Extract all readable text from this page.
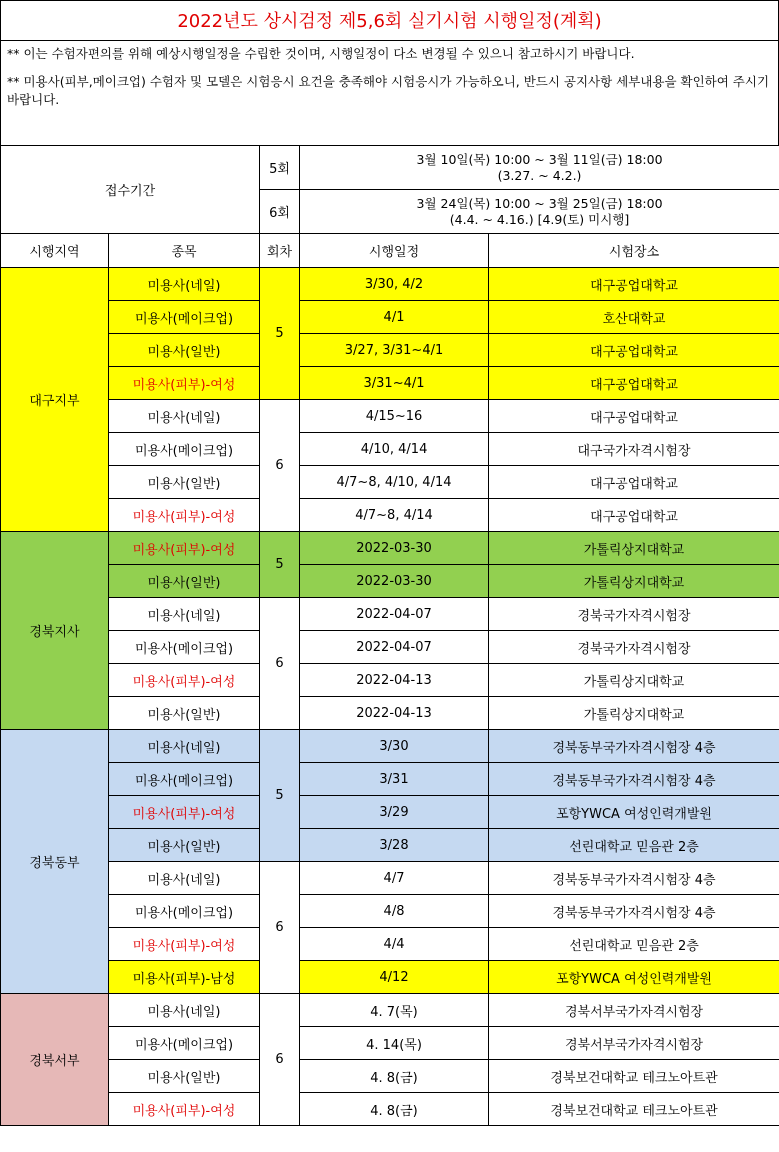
2022년도 상시검정 제5,6회 실기시험 시행일정(계획)

** 이는 수험자편의를 위해 예상시행일정을 수립한 것이며, 시행일정이 다소 변경될 수 있으니 참고하시기 바랍니다.

** 미용사(피부,메이크업) 수험자 및 모델은 시험응시 요건을 충족해야 시험응시가 가능하오니, 반드시 공지사항 세부내용을 확인하여 주시기 바랍니다.

접수기간		5회	3월 10일(목) 10:00 ~ 3월 11일(금) 18:00
(3.27. ~ 4.2.)	

		6회	3월 24일(목) 10:00 ~ 3월 25일(금) 18:00
(4.4. ~ 4.16.) [4.9(토) 미시행]	

시행지역	종목	회차	시행일정	시험장소
대구지부	미용사(네일)	5	3/30, 4/2	대구공업대학교
	미용사(메이크업)		4/1	호산대학교
	미용사(일반)		3/27, 3/31~4/1	대구공업대학교
	미용사(피부)-여성		3/31~4/1	대구공업대학교
	미용사(네일)	6	4/15~16	대구공업대학교
	미용사(메이크업)		4/10, 4/14	대구국가자격시험장
	미용사(일반)		4/7~8, 4/10, 4/14	대구공업대학교
	미용사(피부)-여성		4/7~8, 4/14	대구공업대학교
경북지사	미용사(피부)-여성	5	2022-03-30	가톨릭상지대학교
	미용사(일반)		2022-03-30	가톨릭상지대학교
	미용사(네일)	6	2022-04-07	경북국가자격시험장
	미용사(메이크업)		2022-04-07	경북국가자격시험장
	미용사(피부)-여성		2022-04-13	가톨릭상지대학교
	미용사(일반)		2022-04-13	가톨릭상지대학교
경북동부	미용사(네일)	5	3/30	경북동부국가자격시험장 4층
	미용사(메이크업)		3/31	경북동부국가자격시험장 4층
	미용사(피부)-여성		3/29	포항YWCA 여성인력개발원
	미용사(일반)		3/28	선린대학교 믿음관 2층
	미용사(네일)	6	4/7	경북동부국가자격시험장 4층
	미용사(메이크업)		4/8	경북동부국가자격시험장 4층
	미용사(피부)-여성		4/4	선린대학교 믿음관 2층
	미용사(피부)-남성		4/12	포항YWCA 여성인력개발원
경북서부	미용사(네일)	6	4. 7(목)	경북서부국가자격시험장
	미용사(메이크업)		4. 14(목)	경북서부국가자격시험장
	미용사(일반)		4. 8(금)	경북보건대학교 테크노아트관
	미용사(피부)-여성		4. 8(금)	경북보건대학교 테크노아트관
